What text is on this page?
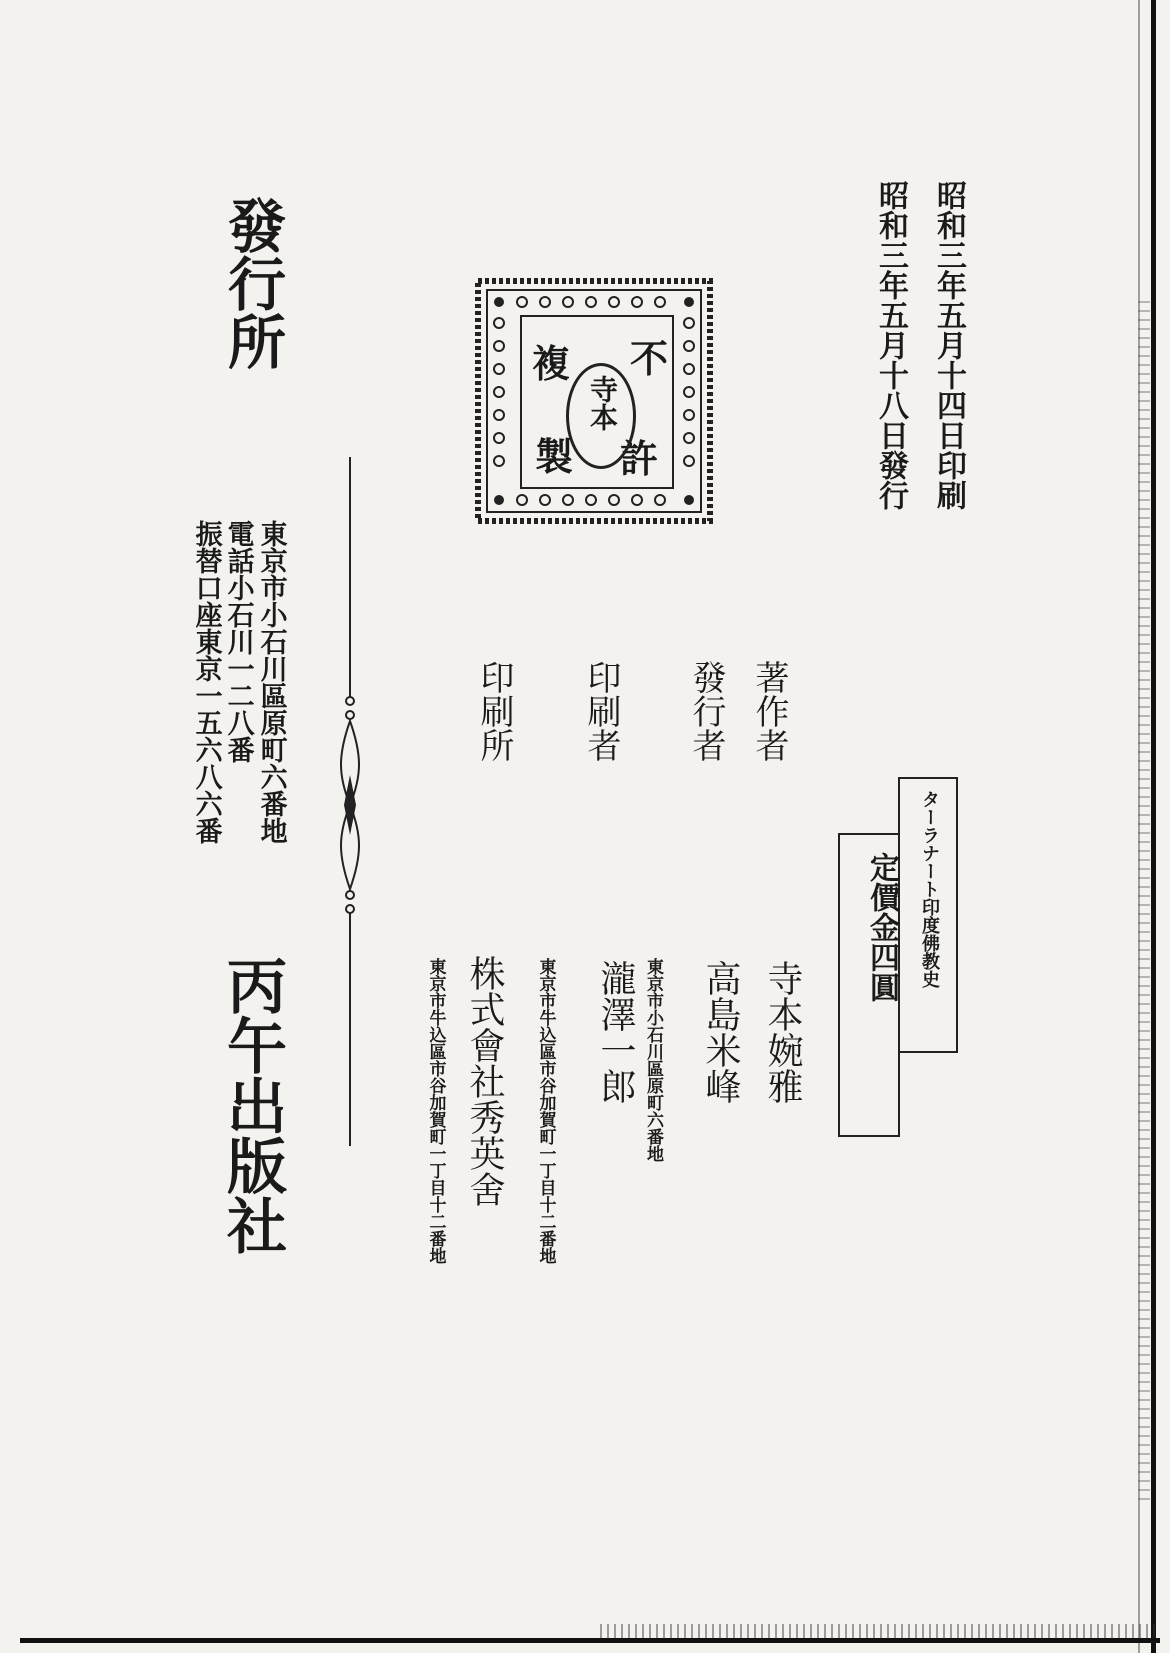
昭和三年五月十四日印刷
昭和三年五月十八日發行
不
許
複
製
寺本
著作者
發行者
印刷者
印刷所
寺本婉雅
高島米峰
瀧澤一郎
株式會社秀英舍	東京市小石川區原町六番地
東京市牛込區市谷加賀町一丁目十二番地
東京市牛込區市谷加賀町一丁目十二番地
ターラナート印度佛教史
定價金四圓
發行所
東京市小石川區原町六番地
電話小石川一二八番
振替口座東京一五六八六番
丙午出版社
